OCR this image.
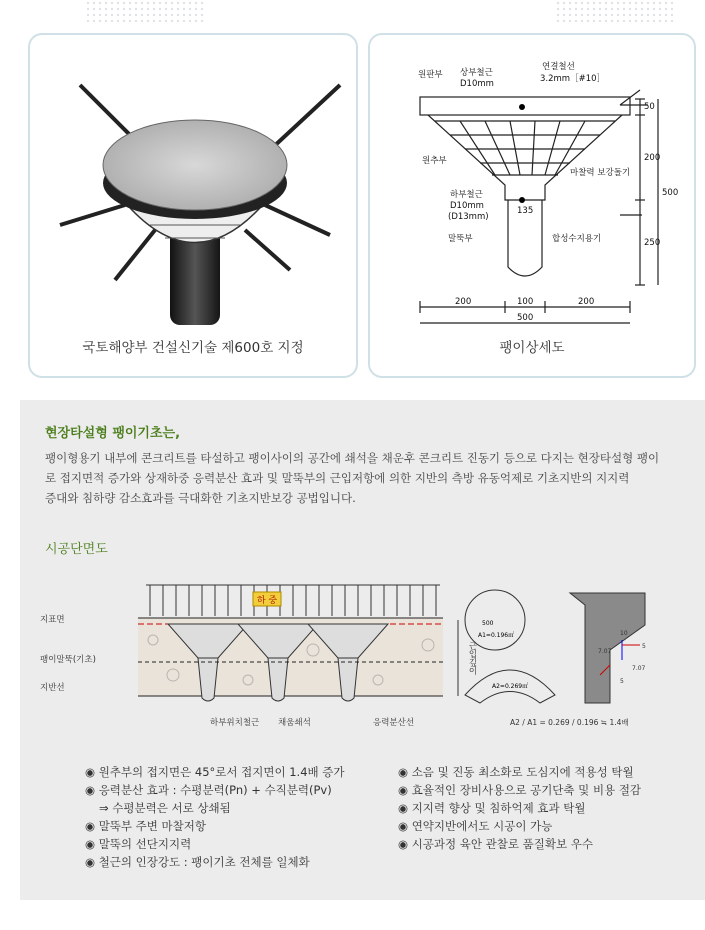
국토해양부 건설신기술 제600호 지정
원판부 상부철근
D10mm
연결철선
3.2mm［#10］
원추부
마찰력 보강돌기
하부철근
D10mm
(D13mm)
말뚝부	합성수지용기
135
50
200
500
250
200	100	200
500
팽이상세도
현장타설형 팽이기초는,
팽이형용기 내부에 콘크리트를 타설하고 팽이사이의 공간에 쇄석을 채운후 콘크리트 진동기 등으로 다지는 현장타설형 팽이
로 접지면적 증가와 상재하중 응력분산 효과 및 말뚝부의 근입저항에 의한 지반의 측방 유동억제로 기초지반의 지지력
증대와 침하량 감소효과를 극대화한 기초지반보강 공법입니다.
시공단면도
하 중
근입깊이
지표면
팽이말뚝(기초)
지반선
하부위치철근 채움쇄석	응력분산선
500
A1=0.196㎡
A2=0.269㎡
10
7.07
5
7.07
5
A2 / A1 = 0.269 / 0.196 ≒ 1.4배
◉ 원추부의 접지면은 45°로서 접지면이 1.4배 증가
◉ 응력분산 효과 : 수평분력(Pn) + 수직분력(Pv)
⇒ 수평분력은 서로 상쇄됨
◉ 말뚝부 주변 마찰저항
◉ 말뚝의 선단지지력
◉ 철근의 인장강도 : 팽이기초 전체를 일체화
◉ 소음 및 진동 최소화로 도심지에 적용성 탁월
◉ 효율적인 장비사용으로 공기단축 및 비용 절감
◉ 지지력 향상 및 침하억제 효과 탁월
◉ 연약지반에서도 시공이 가능
◉ 시공과정 육안 관찰로 품질확보 우수
